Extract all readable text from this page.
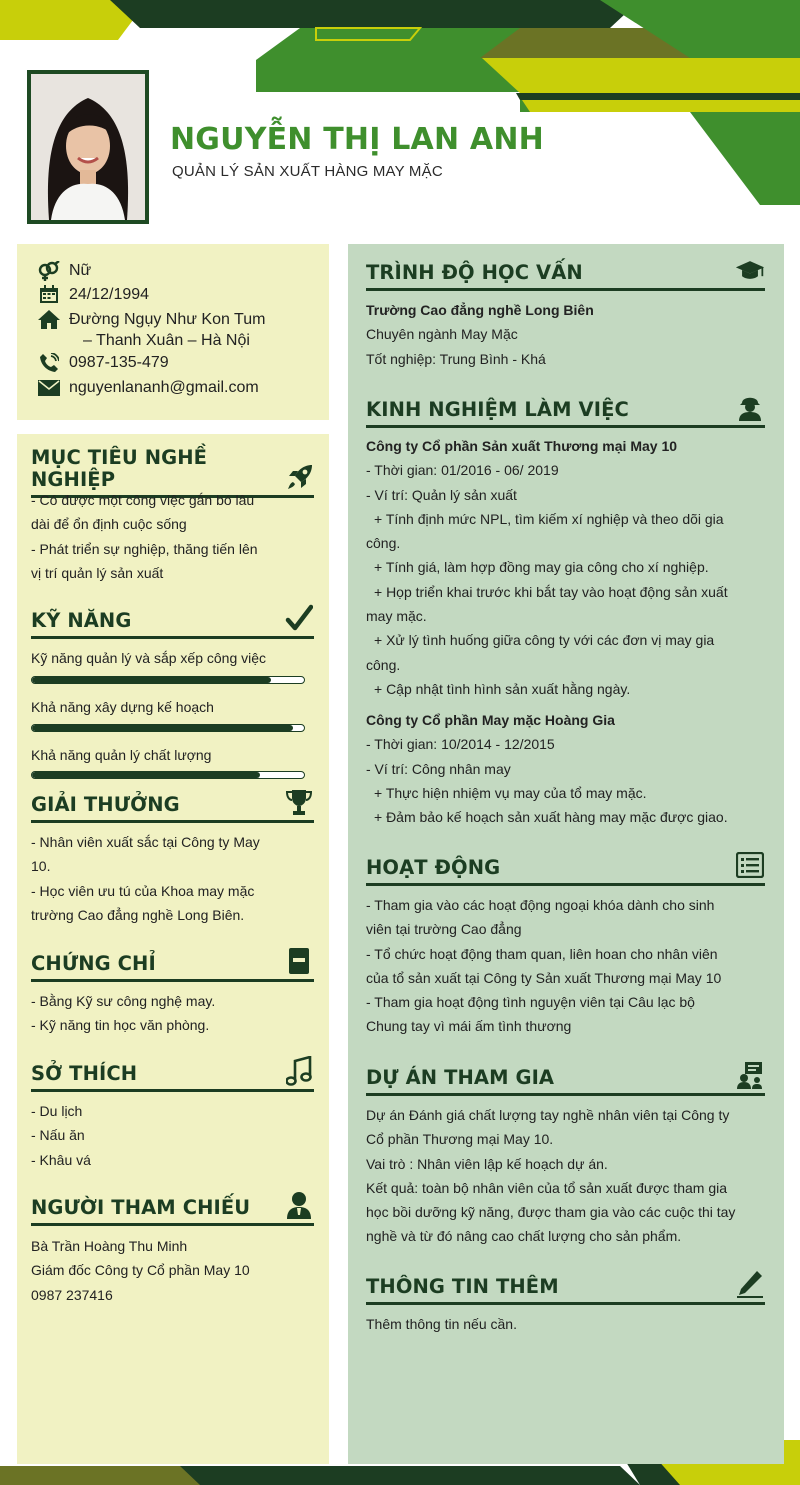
NGUYỄN THỊ LAN ANH
QUẢN LÝ SẢN XUẤT HÀNG MAY MẶC
Nữ
24/12/1994
Đường Ngụy Như Kon Tum
– Thanh Xuân – Hà Nội
0987-135-479
nguyenlananh@gmail.com
MỤC TIÊU NGHỀ NGHIỆP
- Có được một công việc gắn bó lâu
dài để ổn định cuộc sống
- Phát triển sự nghiệp, thăng tiến lên
vị trí quản lý sản xuất
KỸ NĂNG
Kỹ năng quản lý và sắp xếp công việc
Khả năng xây dựng kế hoạch
Khả năng quản lý chất lượng
GIẢI THƯỞNG
- Nhân viên xuất sắc tại Công ty May
10.
- Học viên ưu tú của Khoa may mặc
trường Cao đẳng nghề Long Biên.
CHỨNG CHỈ
- Bằng Kỹ sư công nghệ may.
- Kỹ năng tin học văn phòng.
SỞ THÍCH
- Du lịch
- Nấu ăn
- Khâu vá
NGƯỜI THAM CHIẾU
Bà Trần Hoàng Thu Minh
Giám đốc Công ty Cổ phần May 10
0987 237416
TRÌNH ĐỘ HỌC VẤN
Trường Cao đẳng nghề Long Biên
Chuyên ngành May Mặc
Tốt nghiệp: Trung Bình - Khá
KINH NGHIỆM LÀM VIỆC
Công ty Cổ phần Sản xuất Thương mại May 10
- Thời gian: 01/2016 - 06/ 2019
- Ví trí: Quản lý sản xuất
+ Tính định mức NPL, tìm kiếm xí nghiệp và theo dõi gia
công.
+ Tính giá, làm hợp đồng may gia công cho xí nghiệp.
+ Họp triển khai trước khi bắt tay vào hoạt động sản xuất
may mặc.
+ Xử lý tình huống giữa công ty với các đơn vị may gia
công.
+ Cập nhật tình hình sản xuất hằng ngày.
Công ty Cổ phần May mặc Hoàng Gia
- Thời gian: 10/2014 - 12/2015
- Ví trí: Công nhân may
+ Thực hiện nhiệm vụ may của tổ may mặc.
+ Đảm bảo kế hoạch sản xuất hàng may mặc được giao.
HOẠT ĐỘNG
- Tham gia vào các hoạt động ngoại khóa dành cho sinh
viên tại trường Cao đẳng
- Tổ chức hoạt động tham quan, liên hoan cho nhân viên
của tổ sản xuất tại Công ty Sản xuất Thương mại May 10
- Tham gia hoạt động tình nguyện viên tại Câu lạc bộ
Chung tay vì mái ấm tình thương
DỰ ÁN THAM GIA
Dự án Đánh giá chất lượng tay nghề nhân viên tại Công ty
Cổ phần Thương mại May 10.
Vai trò : Nhân viên lập kế hoạch dự án.
Kết quả: toàn bộ nhân viên của tổ sản xuất được tham gia
học bồi dưỡng kỹ năng, được tham gia vào các cuộc thi tay
nghề và từ đó nâng cao chất lượng cho sản phẩm.
THÔNG TIN THÊM
Thêm thông tin nếu cần.
